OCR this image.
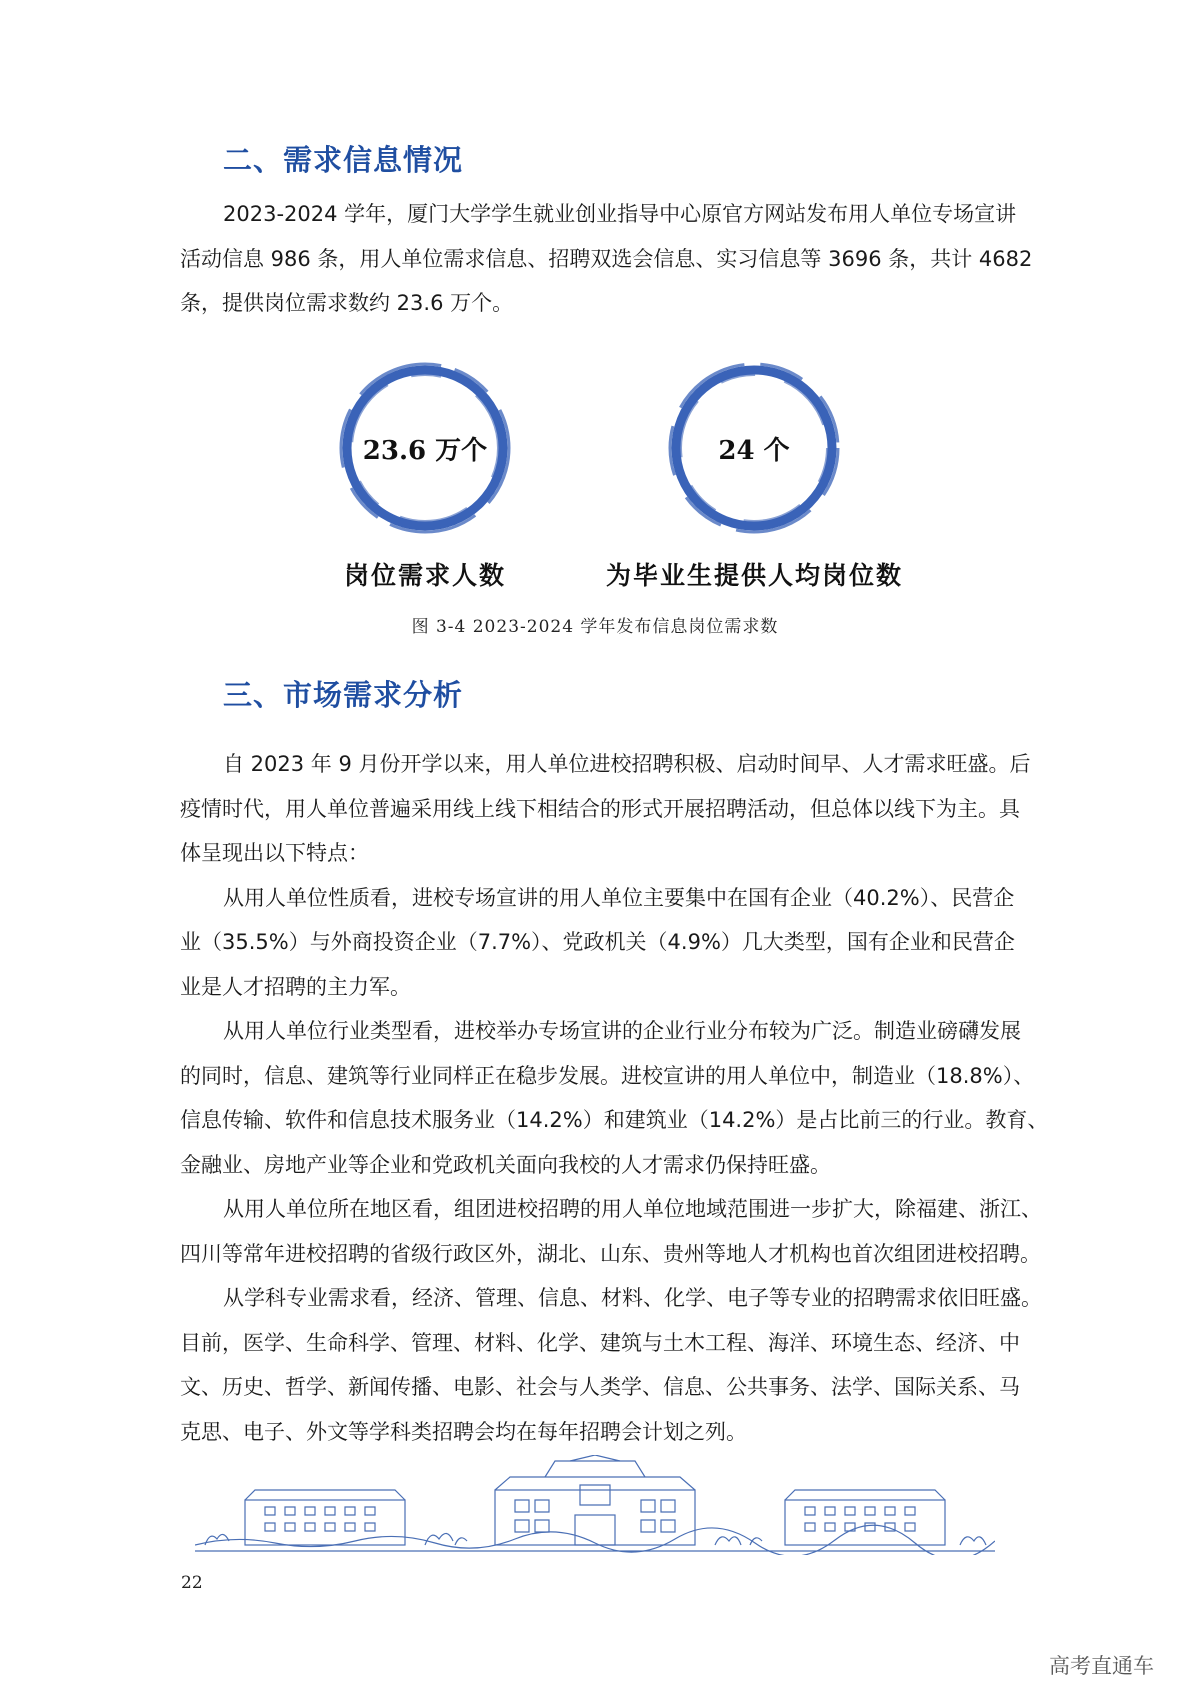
二、需求信息情况
2023-2024 学年，厦门大学学生就业创业指导中心原官方网站发布用人单位专场宣讲
活动信息 986 条，用人单位需求信息、招聘双选会信息、实习信息等 3696 条，共计 4682
条，提供岗位需求数约 23.6 万个。
23.6 万个	24 个
岗位需求人数	为毕业生提供人均岗位数
图 3-4 2023-2024 学年发布信息岗位需求数
三、市场需求分析
自 2023 年 9 月份开学以来，用人单位进校招聘积极、启动时间早、人才需求旺盛。后
疫情时代，用人单位普遍采用线上线下相结合的形式开展招聘活动，但总体以线下为主。具
体呈现出以下特点：
从用人单位性质看，进校专场宣讲的用人单位主要集中在国有企业（40.2%）、民营企
业（35.5%）与外商投资企业（7.7%）、党政机关（4.9%）几大类型，国有企业和民营企
业是人才招聘的主力军。
从用人单位行业类型看，进校举办专场宣讲的企业行业分布较为广泛。制造业磅礴发展
的同时，信息、建筑等行业同样正在稳步发展。进校宣讲的用人单位中，制造业（18.8%）、
信息传输、软件和信息技术服务业（14.2%）和建筑业（14.2%）是占比前三的行业。教育、
金融业、房地产业等企业和党政机关面向我校的人才需求仍保持旺盛。
从用人单位所在地区看，组团进校招聘的用人单位地域范围进一步扩大，除福建、浙江、
四川等常年进校招聘的省级行政区外，湖北、山东、贵州等地人才机构也首次组团进校招聘。
从学科专业需求看，经济、管理、信息、材料、化学、电子等专业的招聘需求依旧旺盛。
目前，医学、生命科学、管理、材料、化学、建筑与土木工程、海洋、环境生态、经济、中
文、历史、哲学、新闻传播、电影、社会与人类学、信息、公共事务、法学、国际关系、马
克思、电子、外文等学科类招聘会均在每年招聘会计划之列。
22
高考直通车
